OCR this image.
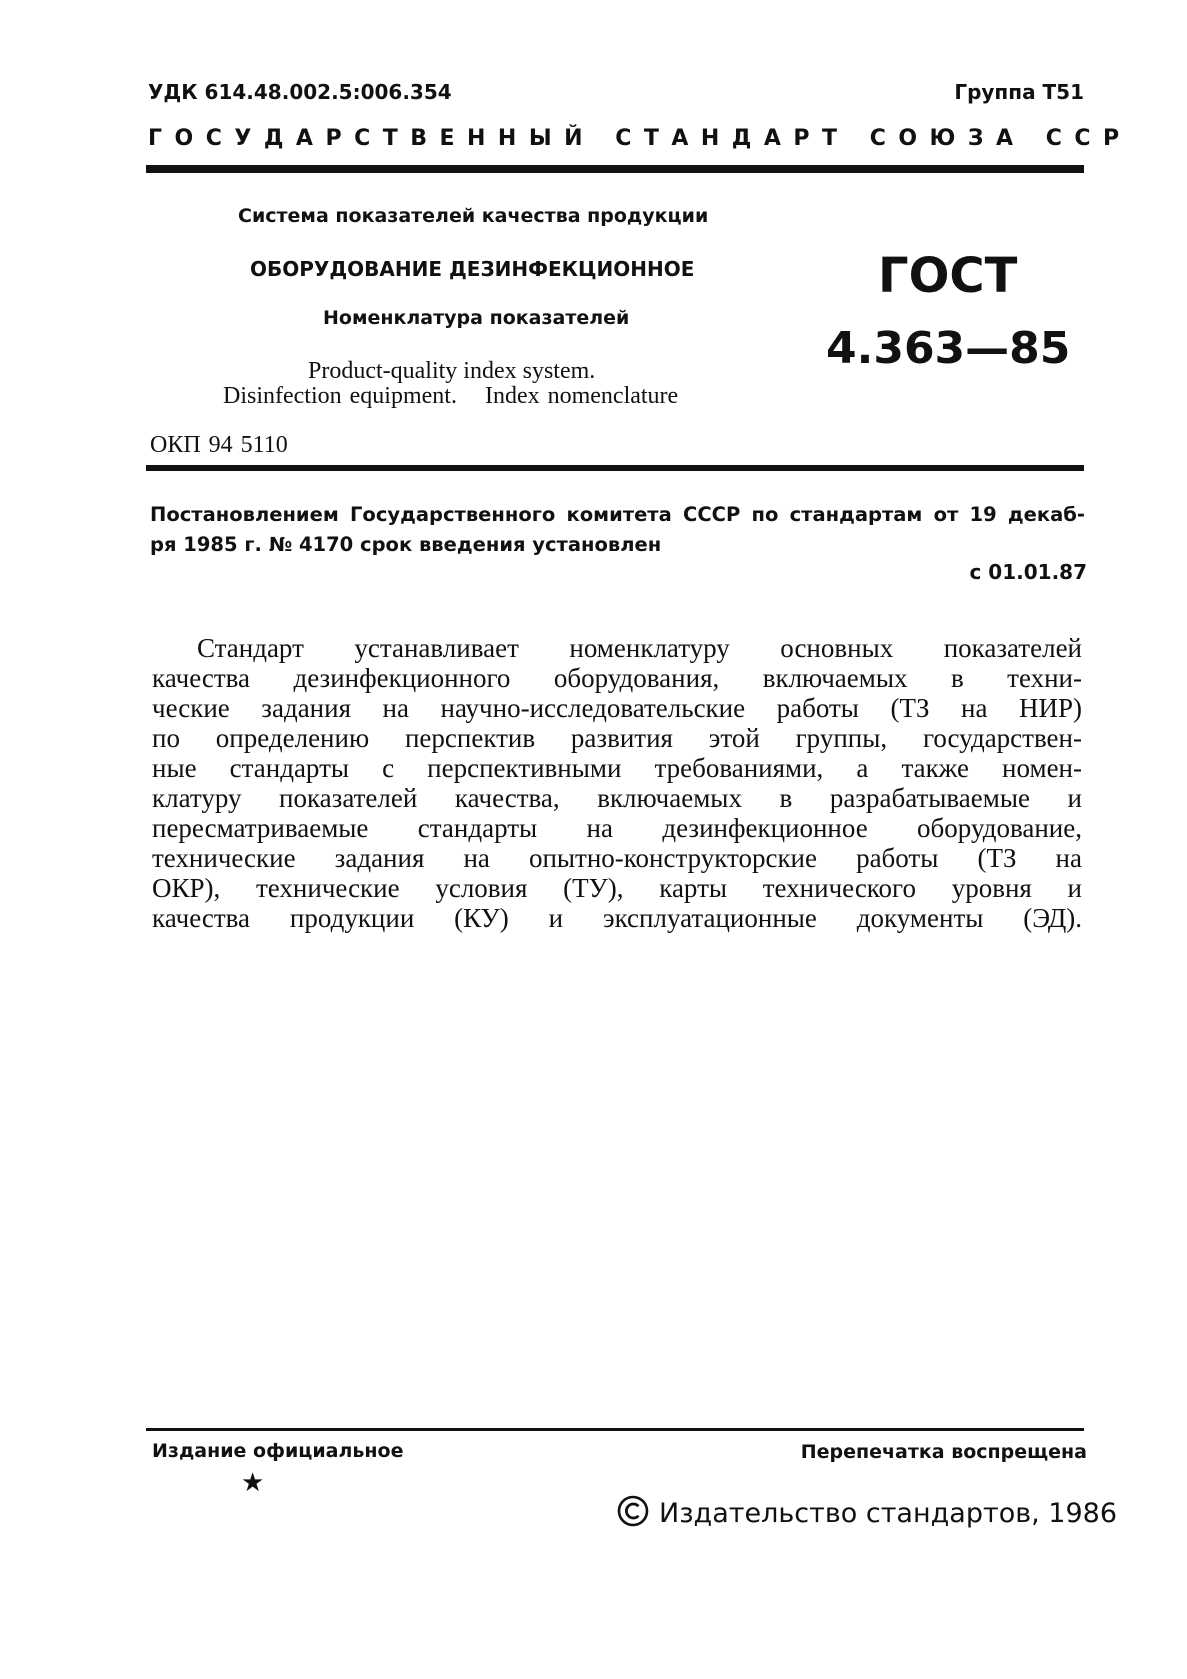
УДК 614.48.002.5:006.354	Группа Т51
ГОСУДАРСТВЕННЫЙ СТАНДАРТ СОЮЗА ССР
Система показателей качества продукции
ОБОРУДОВАНИЕ ДЕЗИНФЕКЦИОННОЕ
Номенклатура показателей
Product-quality index system.
Disinfection equipment. Index nomenclature
ГОСТ
4.363—85
ОКП 94 5110
Постановлением Государственного комитета СССР по стандартам от 19 декаб-
ря 1985 г. № 4170 срок введения установлен
с 01.01.87
Стандарт устанавливает номенклатуру основных показателей
качества дезинфекционного оборудования, включаемых в техни-
ческие задания на научно-исследовательские работы (ТЗ на НИР)
по определению перспектив развития этой группы, государствен-
ные стандарты с перспективными требованиями, а также номен-
клатуру показателей качества, включаемых в разрабатываемые и
пересматриваемые стандарты на дезинфекционное оборудование,
технические задания на опытно-конструкторские работы (ТЗ на
ОКР), технические условия (ТУ), карты технического уровня и
качества продукции (КУ) и эксплуатационные документы (ЭД).
Издание официальное
★
Перепечатка воспрещена
Издательство стандартов, 1986
